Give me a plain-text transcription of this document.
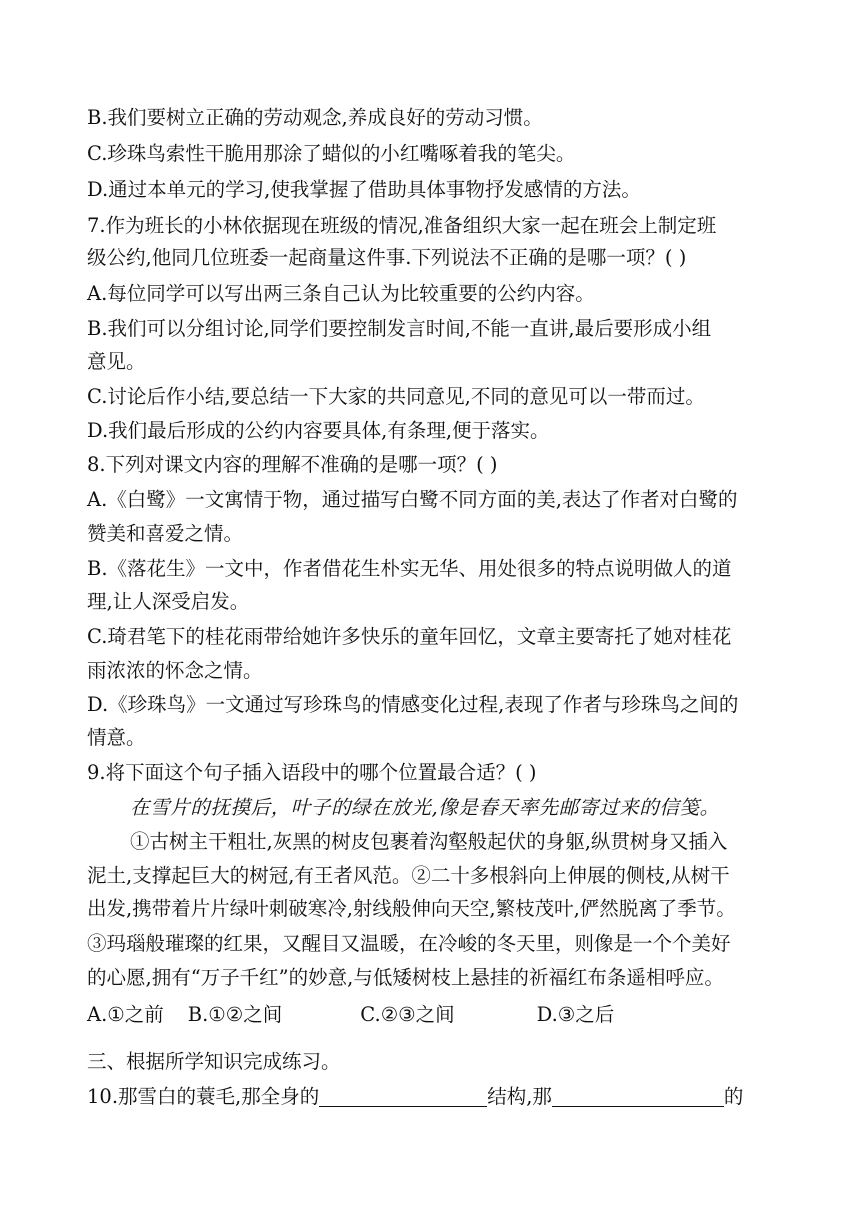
B.我们要树立正确的劳动观念,养成良好的劳动习惯。
C.珍珠鸟索性干脆用那涂了蜡似的小红嘴啄着我的笔尖。
D.通过本单元的学习,使我掌握了借助具体事物抒发感情的方法。
7.作为班长的小林依据现在班级的情况,准备组织大家一起在班会上制定班
级公约,他同几位班委一起商量这件事.下列说法不正确的是哪一项？( )
A.每位同学可以写出两三条自己认为比较重要的公约内容。
B.我们可以分组讨论,同学们要控制发言时间,不能一直讲,最后要形成小组
意见。
C.讨论后作小结,要总结一下大家的共同意见,不同的意见可以一带而过。
D.我们最后形成的公约内容要具体,有条理,便于落实。
8.下列对课文内容的理解不准确的是哪一项？( )
A.《白鹭》一文寓情于物，通过描写白鹭不同方面的美,表达了作者对白鹭的
赞美和喜爱之情。
B.《落花生》一文中，作者借花生朴实无华、用处很多的特点说明做人的道
理,让人深受启发。
C.琦君笔下的桂花雨带给她许多快乐的童年回忆，文章主要寄托了她对桂花
雨浓浓的怀念之情。
D.《珍珠鸟》一文通过写珍珠鸟的情感变化过程,表现了作者与珍珠鸟之间的
情意。
9.将下面这个句子插入语段中的哪个位置最合适？( )
在雪片的抚摸后，叶子的绿在放光,像是春天率先邮寄过来的信笺。
①古树主干粗壮,灰黑的树皮包裹着沟壑般起伏的身躯,纵贯树身又插入
泥土,支撑起巨大的树冠,有王者风范。②二十多根斜向上伸展的侧枝,从树干
出发,携带着片片绿叶刺破寒冷,射线般伸向天空,繁枝茂叶,俨然脱离了季节。
③玛瑙般璀璨的红果，又醒目又温暖，在冷峻的冬天里，则像是一个个美好
的心愿,拥有“万子千红”的妙意,与低矮树枝上悬挂的祈福红布条遥相呼应。
A.①之前 B.①②之间	C.②③之间	D.③之后
三、根据所学知识完成练习。
10.那雪白的蓑毛,那全身的	结构,那	的
